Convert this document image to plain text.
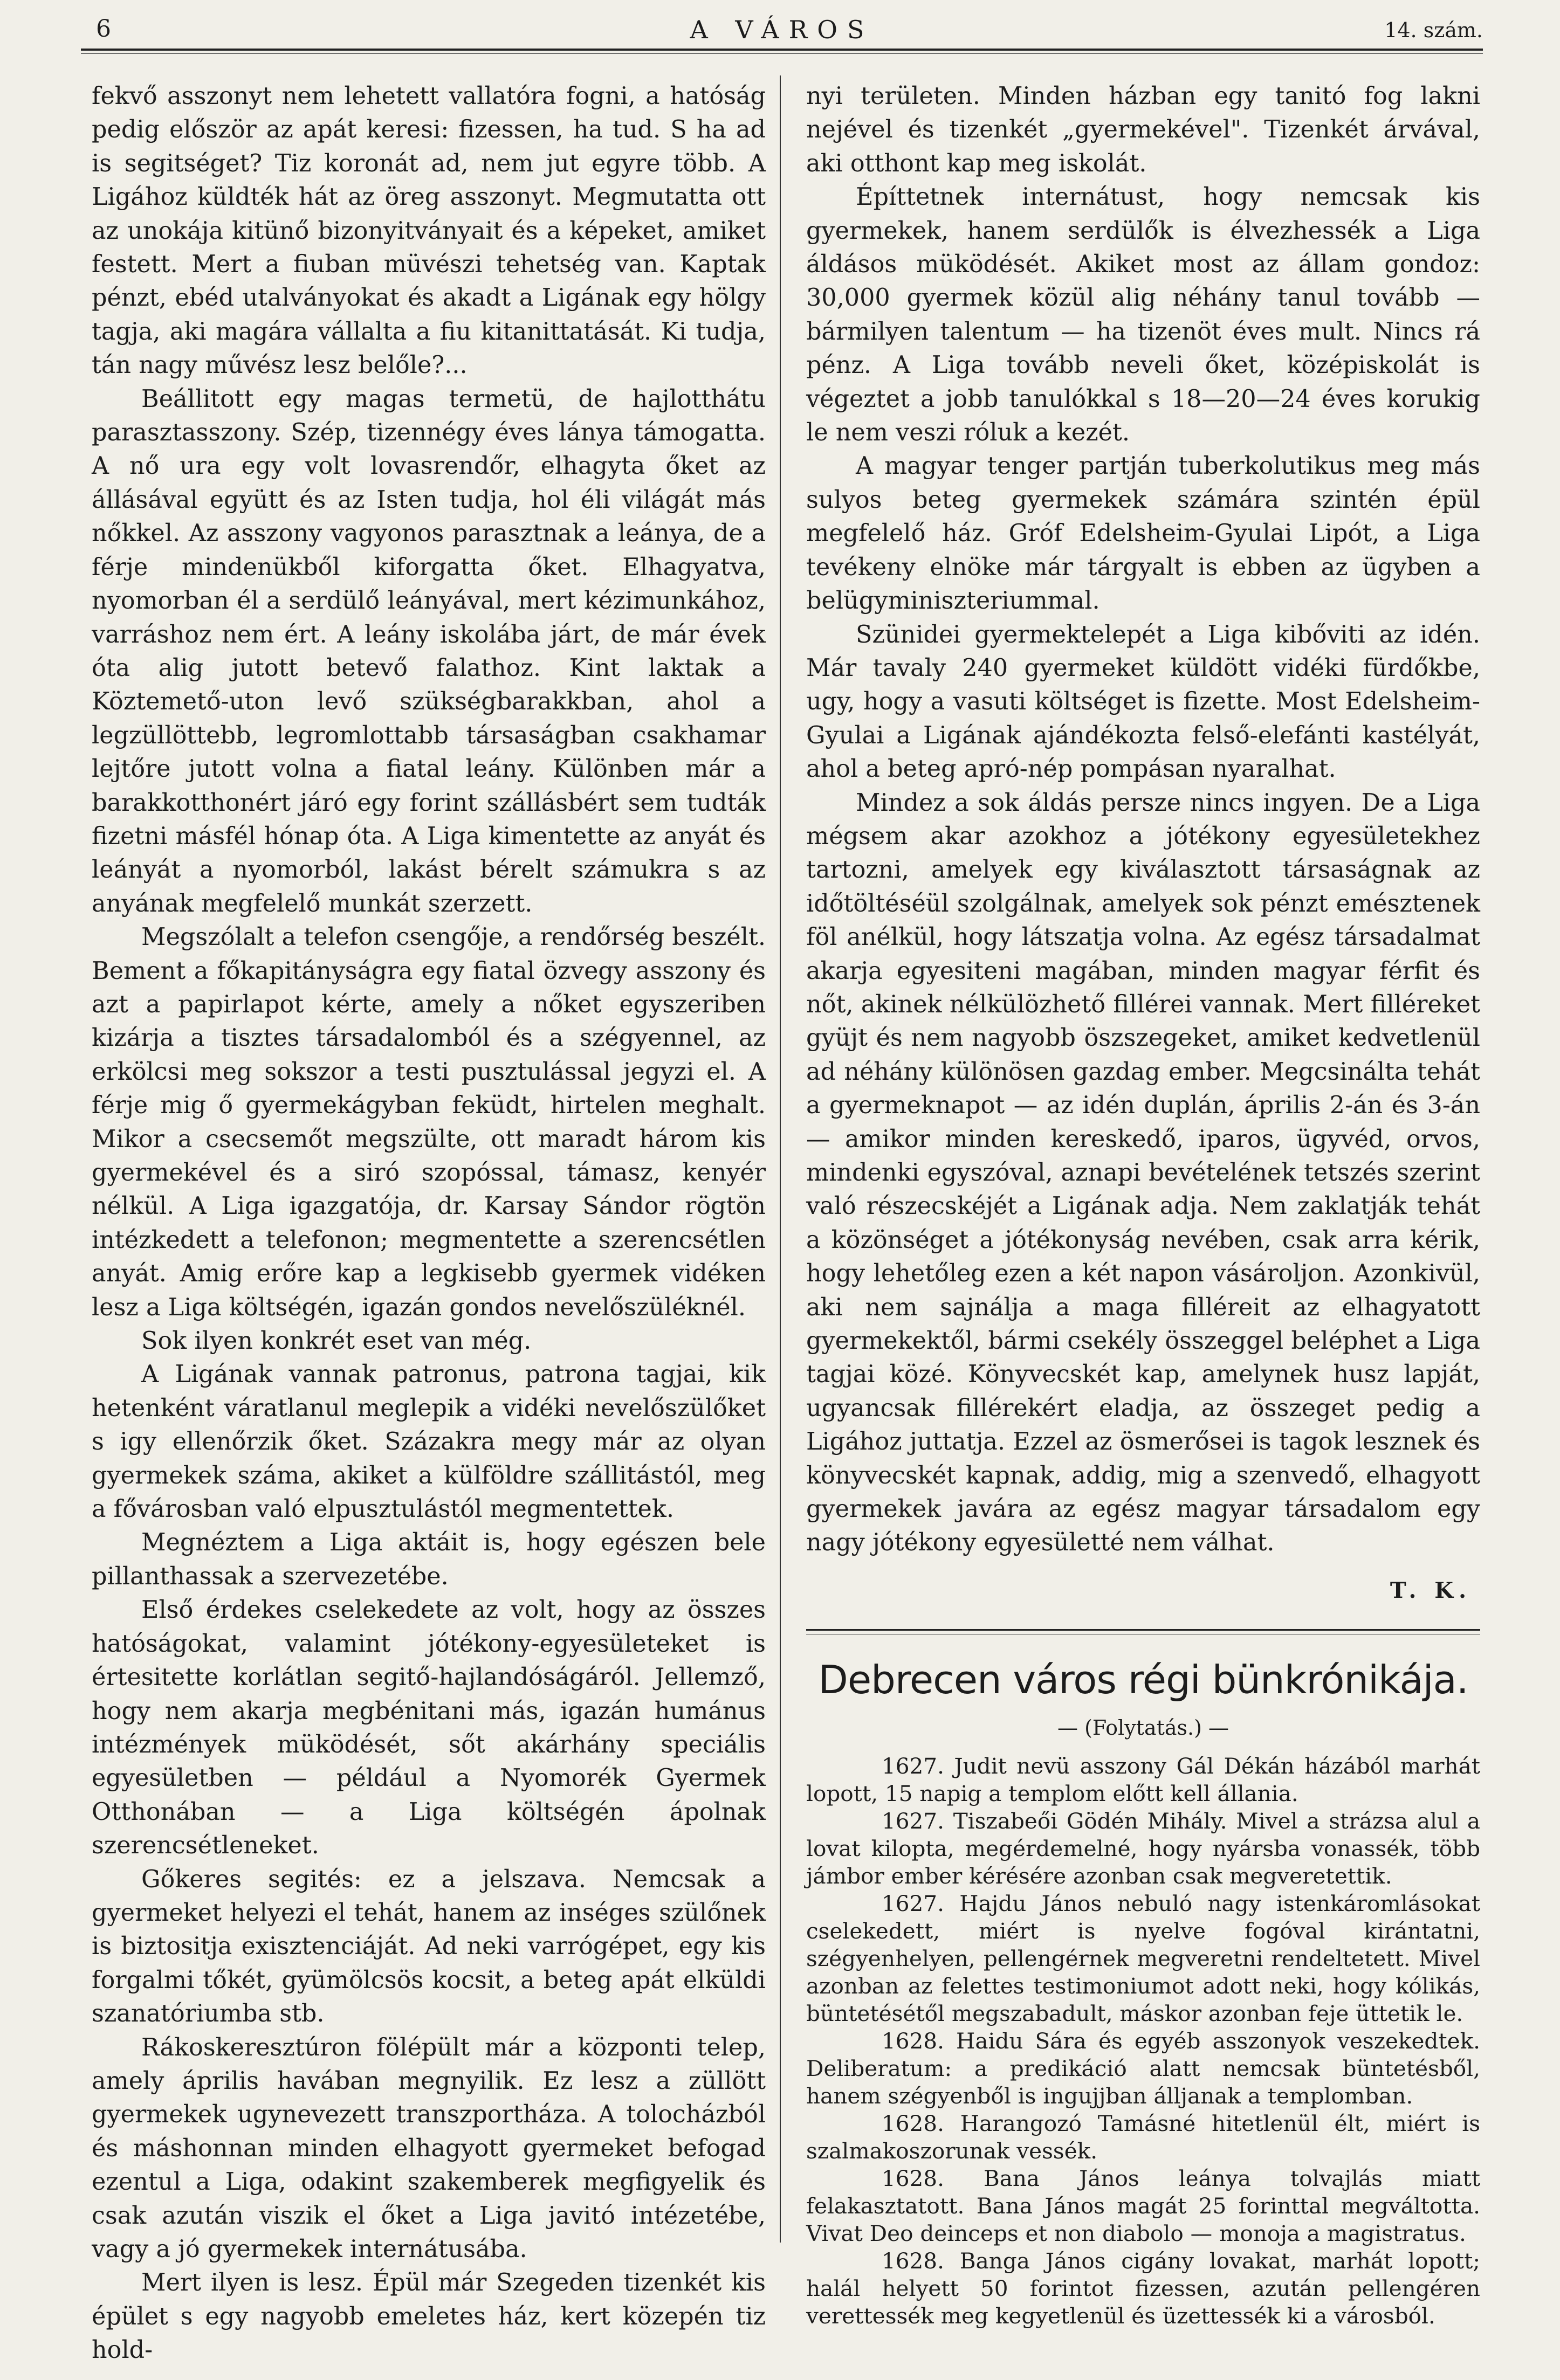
6	A VÁROS	14. szám.

fekvő asszonyt nem lehetett vallatóra fogni, a hatóság pedig először az apát keresi: fizessen, ha tud. S ha ad is segitséget? Tiz koronát ad, nem jut egyre több. A Ligához küldték hát az öreg asszonyt. Megmutatta ott az unokája kitünő bizonyitványait és a képeket, amiket festett. Mert a fiuban müvészi tehetség van. Kaptak pénzt, ebéd utalványokat és akadt a Ligának egy hölgy tagja, aki magára vállalta a fiu kitanittatását. Ki tudja, tán nagy művész lesz belőle?...

Beállitott egy magas termetü, de hajlotthátu parasztasszony. Szép, tizennégy éves lánya támogatta. A nő ura egy volt lovasrendőr, elhagyta őket az állásával együtt és az Isten tudja, hol éli világát más nőkkel. Az asszony vagyonos parasztnak a leánya, de a férje mindenükből kiforgatta őket. Elhagyatva, nyomorban él a serdülő leányával, mert kézimunkához, varráshoz nem ért. A leány iskolába járt, de már évek óta alig jutott betevő falathoz. Kint laktak a Köztemető-uton levő szükségbarakkban, ahol a legzüllöttebb, legromlottabb társaságban csakhamar lejtőre jutott volna a fiatal leány. Különben már a barakkotthonért járó egy forint szállásbért sem tudták fizetni másfél hónap óta. A Liga kimentette az anyát és leányát a nyomorból, lakást bérelt számukra s az anyának megfelelő munkát szerzett.

Megszólalt a telefon csengője, a rendőrség beszélt. Bement a főkapitányságra egy fiatal özvegy asszony és azt a papirlapot kérte, amely a nőket egyszeriben kizárja a tisztes társadalomból és a szégyennel, az erkölcsi meg sokszor a testi pusztulással jegyzi el. A férje mig ő gyermekágyban feküdt, hirtelen meghalt. Mikor a csecsemőt megszülte, ott maradt három kis gyermekével és a siró szopóssal, támasz, kenyér nélkül. A Liga igazgatója, dr. Karsay Sándor rögtön intézkedett a telefonon; megmentette a szerencsétlen anyát. Amig erőre kap a legkisebb gyermek vidéken lesz a Liga költségén, igazán gondos nevelőszüléknél.

Sok ilyen konkrét eset van még.

A Ligának vannak patronus, patrona tagjai, kik hetenként váratlanul meglepik a vidéki nevelőszülőket s igy ellenőrzik őket. Százakra megy már az olyan gyermekek száma, akiket a külföldre szállitástól, meg a fővárosban való elpusztulástól megmentettek.

Megnéztem a Liga aktáit is, hogy egészen bele pillanthassak a szervezetébe.

Első érdekes cselekedete az volt, hogy az összes hatóságokat, valamint jótékony-egyesületeket is értesitette korlátlan segitő-hajlandóságáról. Jellemző, hogy nem akarja megbénitani más, igazán humánus intézmények müködését, sőt akárhány speciális egyesületben — például a Nyomorék Gyermek Otthonában — a Liga költségén ápolnak szerencsétleneket.

Gőkeres segités: ez a jelszava. Nemcsak a gyermeket helyezi el tehát, hanem az inséges szülőnek is biztositja exisztenciáját. Ad neki varrógépet, egy kis forgalmi tőkét, gyümölcsös kocsit, a beteg apát elküldi szanatóriumba stb.

Rákoskeresztúron fölépült már a központi telep, amely április havában megnyilik. Ez lesz a züllött gyermekek ugynevezett transzportháza. A tolocházból és máshonnan minden elhagyott gyermeket befogad ezentul a Liga, odakint szakemberek megfigyelik és csak azután viszik el őket a Liga javitó intézetébe, vagy a jó gyermekek internátusába.

Mert ilyen is lesz. Épül már Szegeden tizenkét kis épület s egy nagyobb emeletes ház, kert közepén tiz hold-

nyi területen. Minden házban egy tanitó fog lakni nejével és tizenkét „gyermekével". Tizenkét árvával, aki otthont kap meg iskolát.

Építtetnek internátust, hogy nemcsak kis gyermekek, hanem serdülők is élvezhessék a Liga áldásos müködését. Akiket most az állam gondoz: 30,000 gyermek közül alig néhány tanul tovább — bármilyen talentum — ha tizenöt éves mult. Nincs rá pénz. A Liga tovább neveli őket, középiskolát is végeztet a jobb tanulókkal s 18—20—24 éves korukig le nem veszi róluk a kezét.

A magyar tenger partján tuberkolutikus meg más sulyos beteg gyermekek számára szintén épül megfelelő ház. Gróf Edelsheim-Gyulai Lipót, a Liga tevékeny elnöke már tárgyalt is ebben az ügyben a belügyminiszteriummal.

Szünidei gyermektelepét a Liga kibőviti az idén. Már tavaly 240 gyermeket küldött vidéki fürdőkbe, ugy, hogy a vasuti költséget is fizette. Most Edelsheim-Gyulai a Ligának ajándékozta felső-elefánti kastélyát, ahol a beteg apró-nép pompásan nyaralhat.

Mindez a sok áldás persze nincs ingyen. De a Liga mégsem akar azokhoz a jótékony egyesületekhez tartozni, amelyek egy kiválasztott társaságnak az időtöltéséül szolgálnak, amelyek sok pénzt emésztenek föl anélkül, hogy látszatja volna. Az egész társadalmat akarja egyesiteni magában, minden magyar férfit és nőt, akinek nélkülözhető fillérei vannak. Mert filléreket gyüjt és nem nagyobb öszszegeket, amiket kedvetlenül ad néhány különösen gazdag ember. Megcsinálta tehát a gyermeknapot — az idén duplán, április 2-án és 3-án — amikor minden kereskedő, iparos, ügyvéd, orvos, mindenki egyszóval, aznapi bevételének tetszés szerint való részecskéjét a Ligának adja. Nem zaklatják tehát a közönséget a jótékonyság nevében, csak arra kérik, hogy lehetőleg ezen a két napon vásároljon. Azonkivül, aki nem sajnálja a maga filléreit az elhagyatott gyermekektől, bármi csekély összeggel beléphet a Liga tagjai közé. Könyvecskét kap, amelynek husz lapját, ugyancsak fillérekért eladja, az összeget pedig a Ligához juttatja. Ezzel az ösmerősei is tagok lesznek és könyvecskét kapnak, addig, mig a szenvedő, elhagyott gyermekek javára az egész magyar társadalom egy nagy jótékony egyesületté nem válhat.

T. K.
Debrecen város régi bünkrónikája.
— (Folytatás.) —

1627. Judit nevü asszony Gál Dékán házából marhát lopott, 15 napig a templom előtt kell állania.

1627. Tiszabeői Gödén Mihály. Mivel a strázsa alul a lovat kilopta, megérdemelné, hogy nyársba vonassék, több jámbor ember kérésére azonban csak megveretettik.

1627. Hajdu János nebuló nagy istenkáromlásokat cselekedett, miért is nyelve fogóval kirántatni, szégyenhelyen, pellengérnek megveretni rendeltetett. Mivel azonban az felettes testimoniumot adott neki, hogy kólikás, büntetésétől megszabadult, máskor azonban feje üttetik le.

1628. Haidu Sára és egyéb asszonyok veszekedtek. Deliberatum: a predikáció alatt nemcsak büntetésből, hanem szégyenből is ingujjban álljanak a templomban.

1628. Harangozó Tamásné hitetlenül élt, miért is szalmakoszorunak vessék.

1628. Bana János leánya tolvajlás miatt felakasztatott. Bana János magát 25 forinttal megváltotta. Vivat Deo deinceps et non diabolo — monoja a magistratus.

1628. Banga János cigány lovakat, marhát lopott; halál helyett 50 forintot fizessen, azután pellengéren verettessék meg kegyetlenül és üzettessék ki a városból.
